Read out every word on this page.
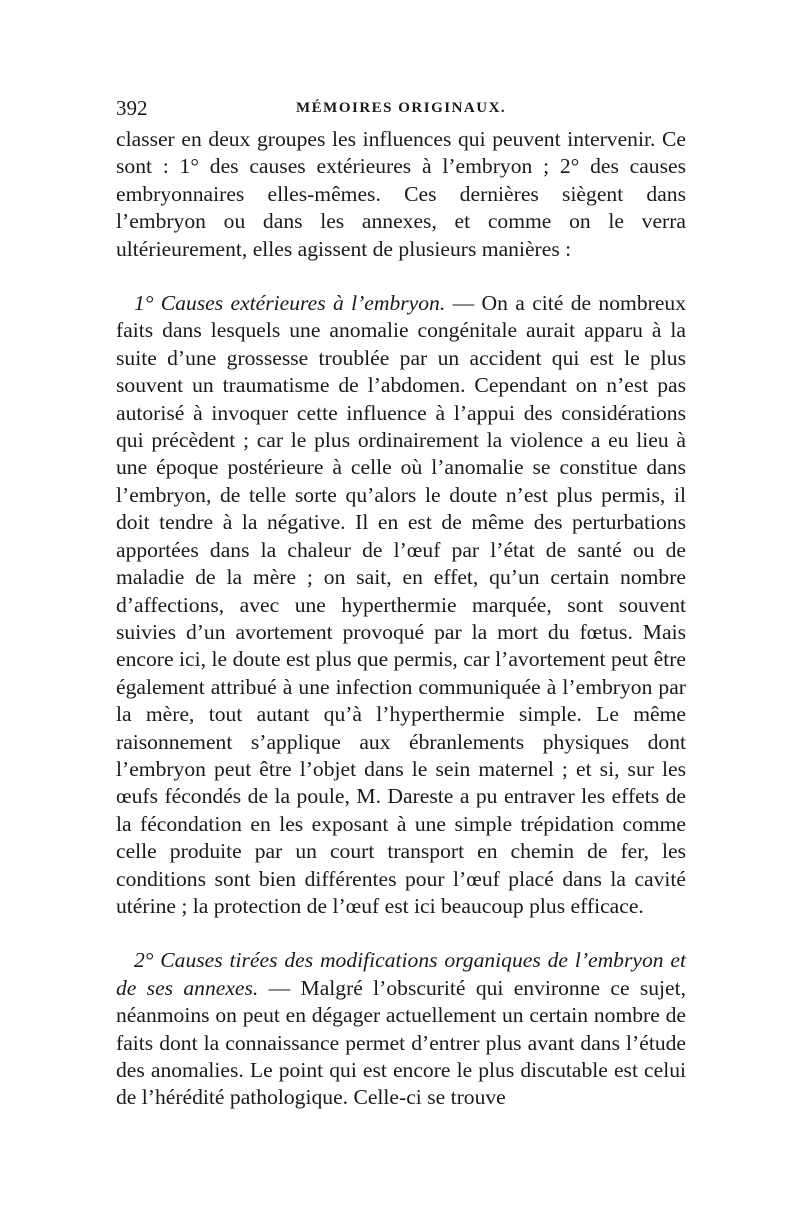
392	MÉMOIRES ORIGINAUX.

classer en deux groupes les influences qui peuvent intervenir. Ce sont : 1° des causes extérieures à l’embryon ; 2° des causes embryonnaires elles-mêmes. Ces dernières siègent dans l’embryon ou dans les annexes, et comme on le verra ultérieurement, elles agissent de plusieurs manières :

1° Causes extérieures à l’embryon. — On a cité de nombreux faits dans lesquels une anomalie congénitale aurait apparu à la suite d’une grossesse troublée par un accident qui est le plus souvent un traumatisme de l’abdomen. Cependant on n’est pas autorisé à invoquer cette influence à l’appui des considérations qui précèdent ; car le plus ordinairement la violence a eu lieu à une époque postérieure à celle où l’anomalie se constitue dans l’embryon, de telle sorte qu’alors le doute n’est plus permis, il doit tendre à la négative. Il en est de même des perturbations apportées dans la chaleur de l’œuf par l’état de santé ou de maladie de la mère ; on sait, en effet, qu’un certain nombre d’affections, avec une hyperthermie marquée, sont souvent suivies d’un avortement provoqué par la mort du fœtus. Mais encore ici, le doute est plus que permis, car l’avortement peut être également attribué à une infection communiquée à l’embryon par la mère, tout autant qu’à l’hyperthermie simple. Le même raisonnement s’applique aux ébranlements physiques dont l’embryon peut être l’objet dans le sein maternel ; et si, sur les œufs fécondés de la poule, M. Dareste a pu entraver les effets de la fécondation en les exposant à une simple trépidation comme celle produite par un court transport en chemin de fer, les conditions sont bien différentes pour l’œuf placé dans la cavité utérine ; la protection de l’œuf est ici beaucoup plus efficace.

2° Causes tirées des modifications organiques de l’embryon et de ses annexes. — Malgré l’obscurité qui environne ce sujet, néanmoins on peut en dégager actuellement un certain nombre de faits dont la connaissance permet d’entrer plus avant dans l’étude des anomalies. Le point qui est encore le plus discutable est celui de l’hérédité pathologique. Celle-ci se trouve
